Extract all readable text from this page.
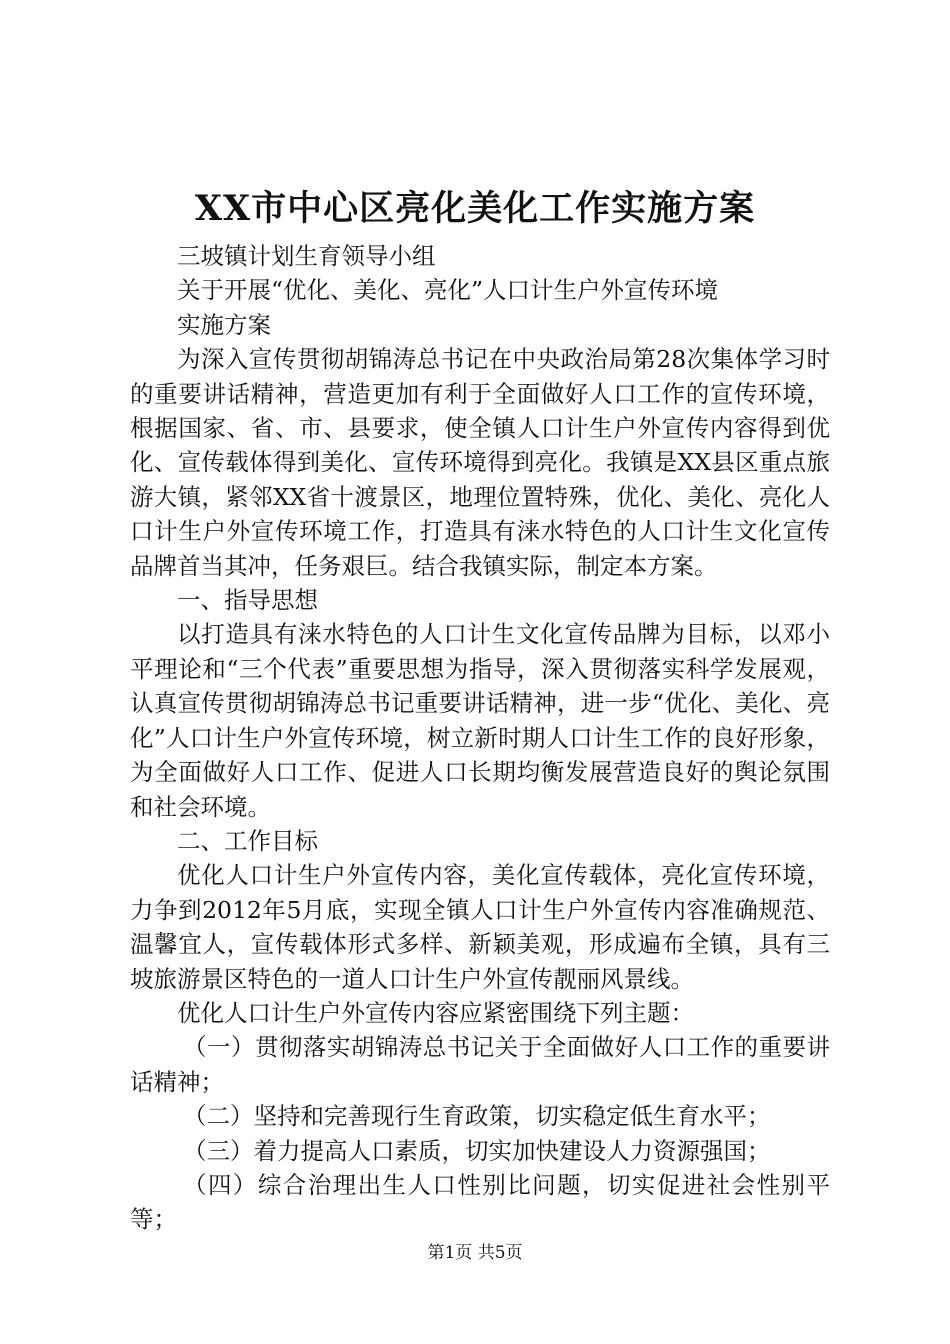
XX市中心区亮化美化工作实施方案

三坡镇计划生育领导小组

关于开展“优化、美化、亮化”人口计生户外宣传环境

实施方案

为深入宣传贯彻胡锦涛总书记在中央政治局第28次集体学习时的重要讲话精神，营造更加有利于全面做好人口工作的宣传环境，根据国家、省、市、县要求，使全镇人口计生户外宣传内容得到优化、宣传载体得到美化、宣传环境得到亮化。我镇是XX县区重点旅游大镇，紧邻XX省十渡景区，地理位置特殊，优化、美化、亮化人口计生户外宣传环境工作，打造具有涞水特色的人口计生文化宣传品牌首当其冲，任务艰巨。结合我镇实际，制定本方案。

一、指导思想

以打造具有涞水特色的人口计生文化宣传品牌为目标，以邓小平理论和“三个代表”重要思想为指导，深入贯彻落实科学发展观，认真宣传贯彻胡锦涛总书记重要讲话精神，进一步“优化、美化、亮化”人口计生户外宣传环境，树立新时期人口计生工作的良好形象，为全面做好人口工作、促进人口长期均衡发展营造良好的舆论氛围和社会环境。

二、工作目标

优化人口计生户外宣传内容，美化宣传载体，亮化宣传环境，力争到2012年5月底，实现全镇人口计生户外宣传内容准确规范、温馨宜人，宣传载体形式多样、新颖美观，形成遍布全镇，具有三坡旅游景区特色的一道人口计生户外宣传靓丽风景线。

优化人口计生户外宣传内容应紧密围绕下列主题：

（一）贯彻落实胡锦涛总书记关于全面做好人口工作的重要讲话精神；

（二）坚持和完善现行生育政策，切实稳定低生育水平；

（三）着力提高人口素质，切实加快建设人力资源强国；

（四）综合治理出生人口性别比问题，切实促进社会性别平等；

第1页 共5页
